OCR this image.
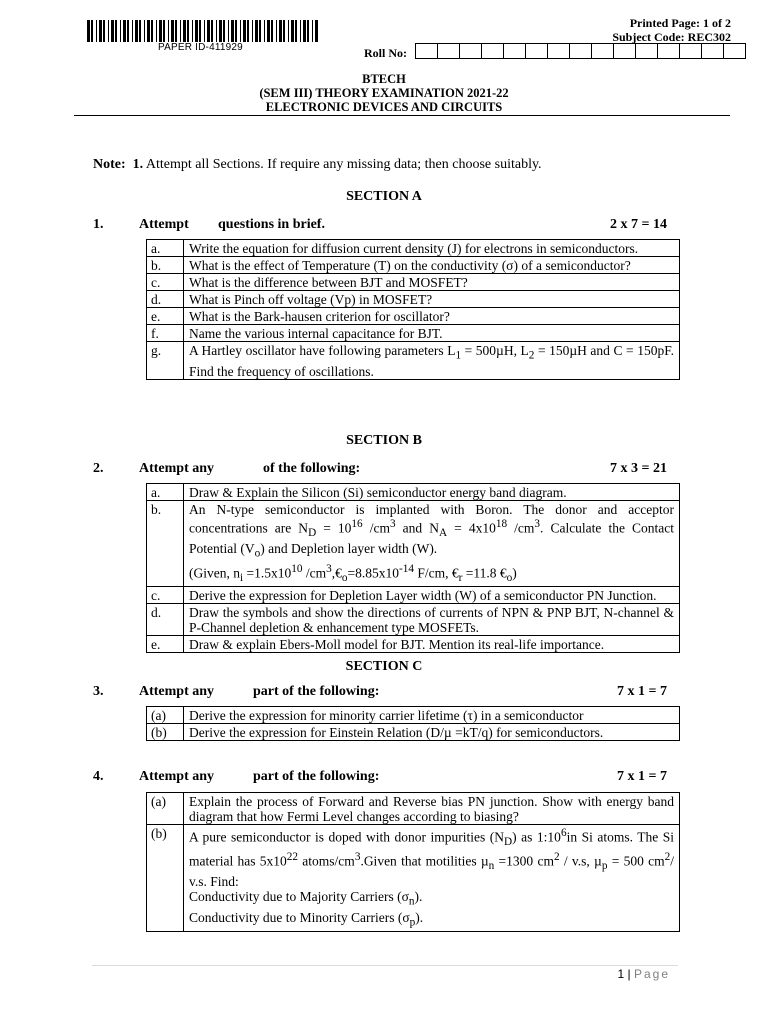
PAPER ID-411929
Printed Page: 1 of 2
Subject Code: REC302
Roll No:
BTECH
(SEM III) THEORY EXAMINATION 2021-22
ELECTRONIC DEVICES AND CIRCUITS
Note: 1. Attempt all Sections. If require any missing data; then choose suitably.
SECTION A
1.	Attempt questions in brief.	2 x 7 = 14
a.	Write the equation for diffusion current density (J) for electrons in semiconductors.
b.	What is the effect of Temperature (T) on the conductivity (σ) of a semiconductor?
c.	What is the difference between BJT and MOSFET?
d.	What is Pinch off voltage (Vp) in MOSFET?
e.	What is the Bark-hausen criterion for oscillator?
f.	Name the various internal capacitance for BJT.
g.	A Hartley oscillator have following parameters $L_1 = 500\mu H$, $L_2 = 150\mu H$ and C = 150pF. Find the frequency of oscillations.
SECTION B
2.	Attempt any	of the following:	7 x 3 = 21
a.	Draw & Explain the Silicon (Si) semiconductor energy band diagram.
b.	An N-type semiconductor is implanted with Boron. The donor and acceptor concentrations are $N_D = 10^{16}$ $/cm^3$ and $N_A = 4x10^{18}$ $/cm^3$. Calculate the Contact Potential $(V_o)$ and Depletion layer width (W).
(Given, $n_i =1.5x10^{10}$ $/cm^3,€_o=8.85x10^{-14}$ F/cm, $€_r =11.8$ $€_o$)
c.	Derive the expression for Depletion Layer width (W) of a semiconductor PN Junction.
d.	Draw the symbols and show the directions of currents of NPN & PNP BJT, N-channel & P-Channel depletion & enhancement type MOSFETs.
e.	Draw & explain Ebers-Moll model for BJT. Mention its real-life importance.
SECTION C
3.	Attempt any	part of the following:	7 x 1 = 7
(a)	Derive the expression for minority carrier lifetime (τ) in a semiconductor
(b)	Derive the expression for Einstein Relation (D/µ =kT/q) for semiconductors.
4.	Attempt any	part of the following:	7 x 1 = 7
(a)	Explain the process of Forward and Reverse bias PN junction. Show with energy band diagram that how Fermi Level changes according to biasing?
(b)	A pure semiconductor is doped with donor impurities $(N_D)$ as $1:10^6in$ Si atoms. The Si material has $5x10^{22}$ atoms/$cm^3.Given$ that motilities µ$_n$ =1300 $cm^2 / v.s$, µ$_p$ = 500 $cm^2/$ v.s. Find:
Conductivity due to Majority Carriers $(\sigma_n)$.
Conductivity due to Minority Carriers $(\sigma_p)$.
1 | Page
